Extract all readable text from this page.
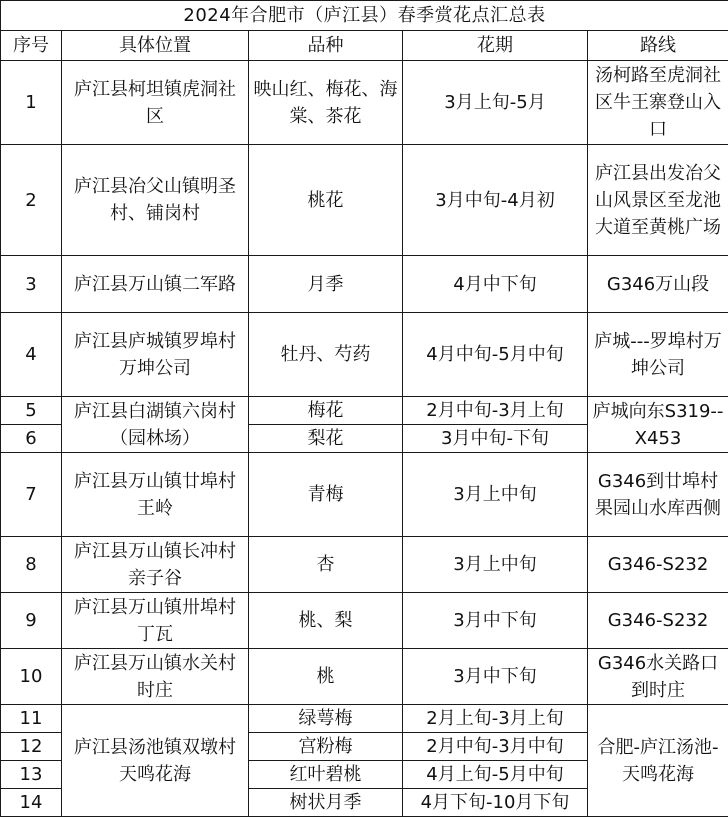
2024年合肥市（庐江县）春季赏花点汇总表				
序号	具体位置	品种	花期	路线
1	庐江县柯坦镇虎洞社区	映山红、梅花、海棠、茶花	3月上旬-5月	汤柯路至虎洞社区牛王寨登山入口
2	庐江县冶父山镇明圣村、铺岗村	桃花	3月中旬-4月初	庐江县出发冶父山风景区至龙池大道至黄桃广场
3	庐江县万山镇二军路	月季	4月中下旬	G346万山段
4	庐江县庐城镇罗埠村万坤公司	牡丹、芍药	4月中旬-5月中旬	庐城---罗埠村万坤公司
5	庐江县白湖镇六岗村（园林场）	梅花	2月中旬-3月上旬	庐城向东S319--X453
6		梨花	3月中旬-下旬	
7	庐江县万山镇廿埠村王岭	青梅	3月上中旬	G346到廿埠村果园山水库西侧
8	庐江县万山镇长冲村亲子谷	杏	3月上中旬	G346-S232
9	庐江县万山镇卅埠村丁瓦	桃、梨	3月中下旬	G346-S232
10	庐江县万山镇水关村时庄	桃	3月中下旬	G346水关路口到时庄
11	庐江县汤池镇双墩村天鸣花海	绿萼梅	2月上旬-3月上旬	合肥-庐江汤池-天鸣花海
12		宫粉梅	2月中旬-3月中旬	
13		红叶碧桃	4月上旬-5月中旬	
14		树状月季	4月下旬-10月下旬	
